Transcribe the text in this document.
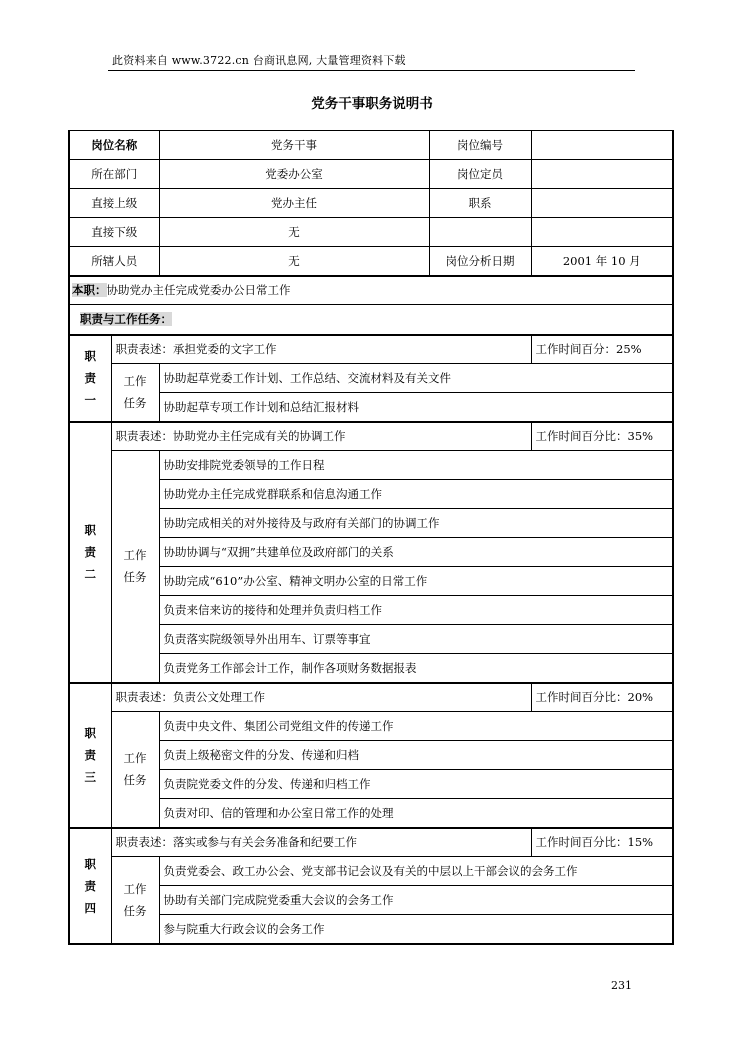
此资料来自 www.3722.cn 台商讯息网, 大量管理资料下载
党务干事职务说明书
岗位名称		党务干事	岗位编号	
所在部门		党委办公室	岗位定员	
直接上级		党办主任	职系	
直接下级		无		
所辖人员		无	岗位分析日期	2001 年 10 月
本职：协助党办主任完成党委办公日常工作				
职责与工作任务：				
职责一	职责表述：承担党委的文字工作			工作时间百分：25%
	工作任务	协助起草党委工作计划、工作总结、交流材料及有关文件		
		协助起草专项工作计划和总结汇报材料		
职责二	职责表述：协助党办主任完成有关的协调工作			工作时间百分比：35%
	工作任务	协助安排院党委领导的工作日程		
		协助党办主任完成党群联系和信息沟通工作		
		协助完成相关的对外接待及与政府有关部门的协调工作		
		协助协调与“双拥”共建单位及政府部门的关系		
		协助完成“610”办公室、精神文明办公室的日常工作		
		负责来信来访的接待和处理并负责归档工作		
		负责落实院级领导外出用车、订票等事宜		
		负责党务工作部会计工作，制作各项财务数据报表		
职责三	职责表述：负责公文处理工作			工作时间百分比：20%
	工作任务	负责中央文件、集团公司党组文件的传递工作		
		负责上级秘密文件的分发、传递和归档		
		负责院党委文件的分发、传递和归档工作		
		负责对印、信的管理和办公室日常工作的处理		
职责四	职责表述：落实或参与有关会务准备和纪要工作			工作时间百分比：15%
	工作任务	负责党委会、政工办公会、党支部书记会议及有关的中层以上干部会议的会务工作		
		协助有关部门完成院党委重大会议的会务工作		
		参与院重大行政会议的会务工作		
231
